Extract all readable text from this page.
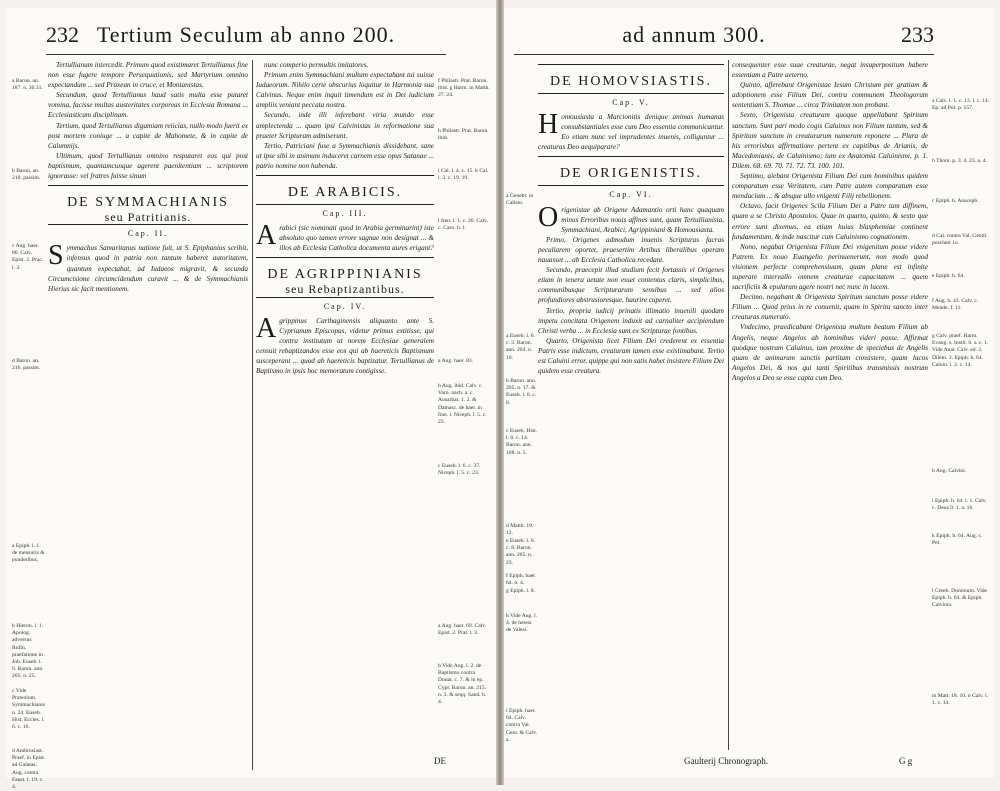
232 Tertium Seculum ab anno 200.
a Baron. an. 187. n. 30.31.
b Baron. an. 210. passim.
c Aug. haer. 86. Calv. Epist. 2. Prac. l. 3.
d Baron. an. 216. passim.
a Epiph. l. 1. de mensuris & ponderibus.
b Hieron. l. 1. Apolog. adversus Rufin. praefatione in Job. Euseb. l. 6. Baron. ann. 205. n. 25.
c Vide Prateolum. Symmachianis n. 24. Euseb. Hist. Eccles. l. 6. c. 16.
d Ambrosiast. Praef. in Epist. ad Galatas. Aug. contra Faust. l. 19. c. 4.

Tertullianum intercedit. Primum quod existimaret Tertullianus fine non esse fugere tempore Persequutionis, sed Martyrium omnino expectandum ... sed Praxean in cruce, et Montanistas.

Secundum, quod Tertullianus haud satis multa esse putaret vomina, facisse multas austeritates corporeas in Ecclesia Romana ... Ecclesiasticam disciplinam.

Tertium, quod Tertullianus digamiam reiicias, nullo modo fuerit ex post mortem coniuge ... a capite de Mahomete, & in capite de Calumnijs.

Ultimum, quod Tertullianus omnino resputaret eos qui post baptismum, quantamcunque agerent paenitentiam ... scriptorem ignorasse: vel fratres fuisse sinum

DE SYMMACHIANIS
seu Patritianis.
Cap. II.

Symmachus Samaritanus natione fuit, ut S. Epiphanius scribit, infensus quod in patria non tantum haberet autoritatem, quantum expectabat, ad Iudaeos migravit, & secunda Circumcisione circumcidendum curavit ... & de Symmachianis Hierius sic facit mentionem.

nunc comperio permultis imitatores.

Primum enim Symmachiani multum expectabant tui suisse Iudaeorum. Nihilo certe obscurius loquitur in Harmonia sua Calvinus. Neque enim inquit timendum est in Dei iudicium ampliis veniant peccata nostra.

Secundo, inde illi inferebant viria mundo esse amplectenda ... quam ipsi Calvinistas in reformatione sua praeter Scripturam admiserunt.

Tertio, Patriciani fuse a Symmachianis dissidebant, sane ut ipse sibi in animum induceret carnem esse opus Satanae ... patrio nomine non habenda.

DE ARABICIS.
Cap. III.

Arabici (sic nominati quod in Arabia germinarint) iste absoluto quo tamen errore sagnae non designat ... & illos ab Ecclesia Catholica documenta aures erigant?

DE AGRIPPINIANIS
seu Rebaptizantibus.
Cap. IV.

Agrippinus Carthaginensis aliquanto ante S. Cyprianum Episcopus, videtur primus extitisse, qui contra institutum ut norem Ecclesiae generalem censuit rebaptizandos esse eos qui ab haereticis Baptismum susceperant ... quod ab haereticis baptizatur. Tertullianus de Baptismo in ipsis hoc memoratum contigisse.

f Philastr. Prat. Baron. ibid. g Harm. in Matth. 27. 24.
h Philastr. Prat. Baron. ibid.
i Cal. l. 4. c. 15. k Cal. l. 3. c. 19. 19.
l Iren. l. 1. c. 26. Calv. c. Caro. h. l.
a Aug. haer. 83.
b Aug. ibid. Calv. c. Varo. nach. a. c. Ausarbat. 1. 2. & Damasc. de haer. in fine. l. Niceph. l. 5. c. 23.
c Euseb. l. 6. c. 37. Niceph. l. 5. c. 23.
a Aug. haer. 69. Calv. Epist. 2. Prat. l. 3.
b Vide Aug. l. 2. de Baptismo contra Donat. c. 7. & in ep. Cypr. Baron. an. 215. n. 3. & seqq. Sand. h. 4.
DE
ad annum 300.	233
DE HOMOVSIASTIS.
Cap. V.

Homousiasta a Marcionitis denique animas humanas consubstantiales esse cum Deo essentia communicantur. Eo etiam nunc vel imprudentes inuenis, colliguntur ... creaturas Deo aequiparare?

DE ORIGENISTIS.
Cap. VI.

Origenistae ab Origene Adamantio orti hanc quaquam minus Erroribus nouis affines sunt, quam Tertullianista, Symmachiani, Arabici, Agrippiniani & Homousiasta.

Primo, Origenes admodum inuenis Scripturas facras peculiarem oportet, praesertim Artibus liberalibus operam nauasset ... ab Ecclesia Catholica recedant.

Secundo, praecepit illud studium fecit fortassis vi Origenes etiam in tenera aetate non esset contentus claris, simplicibus, communibusque Scripturarum sensibus ... sed alios profundiores abstrusioresque, haurire cuperet.

Tertio, propria iudicij prinatis illimatio inuenili quodam impetu concitata Origenem induxit ad carnaliter accipiendum Christi verba ... in Ecclesia sunt ex Scripturae fontibus.

Quarto, Origenista licet Filium Dei crederent ex essentia Patris esse indictum, creaturam tamen esse existimabant. Tertio est Caluini error, quippe qui non satis habet insistere Filium Dei quidem esse creatura.

a Genebr. in Calisto.
a Euseb. l. 6. c. 3. Baron. ann. 204. n. 10.
b Baron. ann. 205. n. 17. & Euseb. l. 6. c. 8.
c Euseb. Hist. l. 6. c. 14. Baron. ann. 108. n. 5.
d Matth. 19. 12.
e Euseb. l. 6. c. 8. Baron. ann. 205. n. 23.
f Epiph. haer. 64. n. 4.
g Epiph. l. 8.
h Vide Aug. l. 4. de heresi de Valesi.
i Epiph. haer. 64. Calv. contra Val. Gent. & Calv. a.

consequenter esse suae creaturae, negat insuperpositum habere essentiam a Patre aeterno.

Quinto, afferebant Origenistae Iesum Christum per gratiam & adoptionem esse Filium Dei, contra communem Theologorum sententiam S. Thomae ... circa Trinitatem non probant.

Sexto, Origenista creaturam quoque appellabant Spiritum sanctum. Sunt pari modo cogis Caluinus non Filium tantum, sed & Spiritum sanctum in creaturarum numerum reponere ... Plura de his errorisbus affirmatione pertent ex capitibus de Arianis, de Macedonianis, de Caluinismo; tum ex Anatomia Caluinismi, p. 1. Dilem. 68. 69. 70. 71. 72. 73. 100. 101.

Septimo, aiebant Origenista Filium Dei cum hominibus quidem comparatum esse Veritatem, cum Patre autem comparatum esse mendacium ... & absque ullo vnigenti Filij rebellionem.

Octavo, facit Origenes Scila Filium Dei a Patre tam diffinem, quam a se Christo Apostolos. Quae in quarto, quinto, & sexto que errore sunt dixemus, ea etiam huius blasphemiae continent fundamentum, & inde nascitur cum Caluinismo cognationem.

Nono, negabat Origenista Filium Dei vnigenitum posse videre Patrem. Ex nouo Euangelio perinuenerunt, non modo quod visionem perfecte comprehensiuam, quam plane est infinite superare intervallo omnem creaturae capacitatem ... quem sacrificiis & epularum agere nostri nec nunc in lucem.

Decimo, negabant & Origenista Spiritum sanctum posse videre Filium ... Quod prius in re conuenit, quam in Spiritu sancto inter creaturas numerato.

Vndecimo, praedicabant Origenista multum beatum Filium ab Angelis, neque Angelos ab hominibus videri posse. Affirmat quodque nostram Caluinus, tam proxime de speciebus de Angelis quam de animarum sanctis partitam consistere, quam lucos Angelos Dei, & nos qui tanti Spiritibus transmissis nostrum Angelos a Deo se esse capta cum Deo.

a Calv. l. 1. c. 13. l. c. 14. Ep. ad Pol. p. 157.
b Thom. p. 3. 4. 23. a. 4.
c Epiph. h. Anacepb.
d Cal. contra Val. Gentil. poscheti 1o.
e Epiph. h. 64.
f Aug. h. 43. Calv. c. Mende. f. 11.
g Calv. praef. Harm. Evang. s. Instit. 6. s. c. 1. Vide Anat. Calv. ed. 2. Dilem. 3. Epiph. h. 64. Caluin. l. 2. c. 14.
h Aug. Calvini.
i Epiph. h. 64. l. 1. Calv. c. Deus 9. 1. a. 16.
k Epiph. h. 64. Aug. c. Pel.
l Creeb. Dominum. Vide Epiph. h. 64. & Epiph. Calvinio.
m Matt. 18. 10. n Calv. l. 1. c. 14.
Gaulterij Chronograph.	G g
